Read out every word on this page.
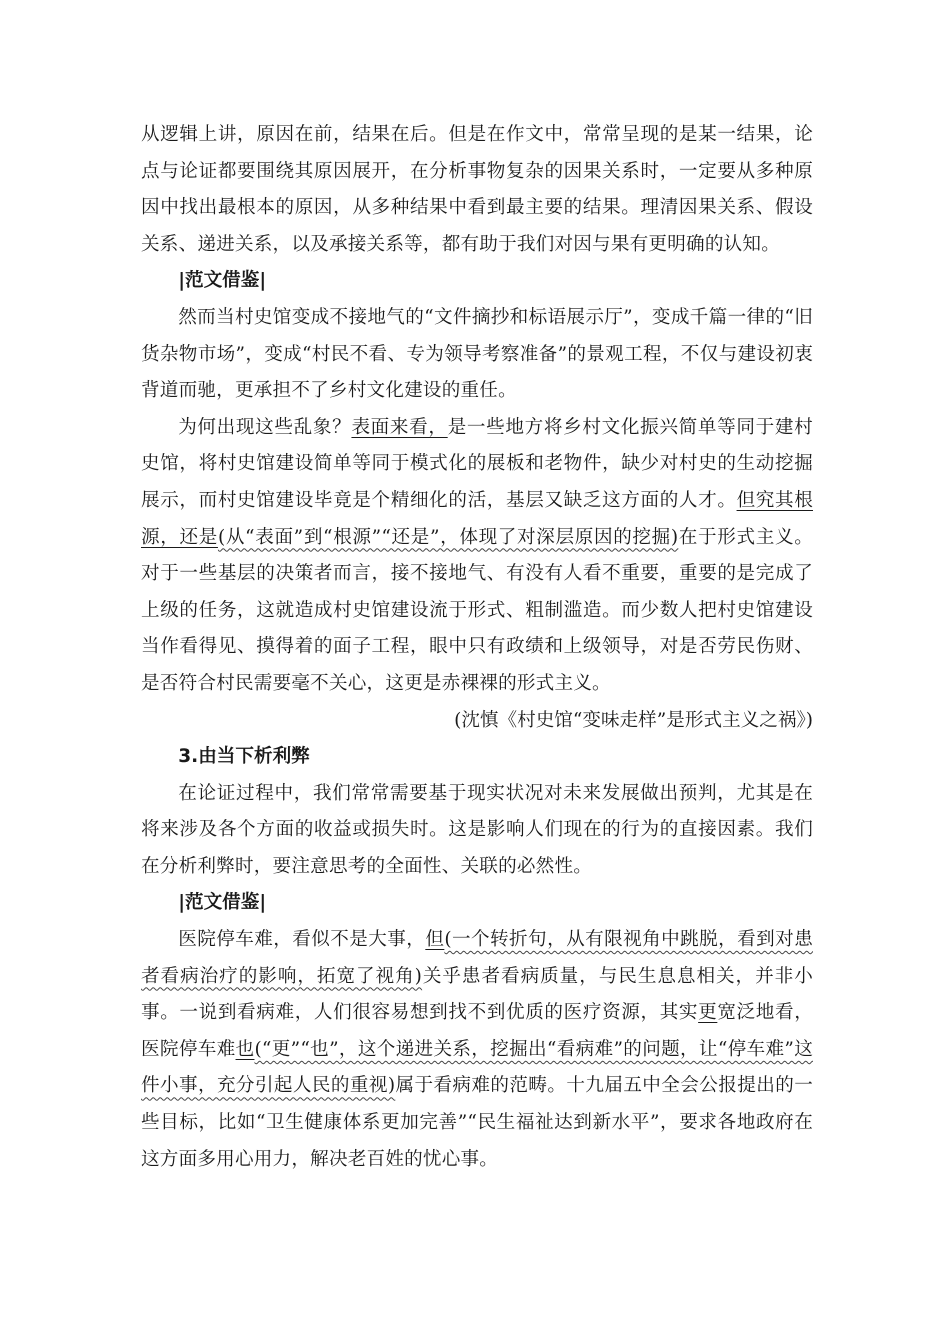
从逻辑上讲，原因在前，结果在后。但是在作文中，常常呈现的是某一结果，论点与论证都要围绕其原因展开，在分析事物复杂的因果关系时，一定要从多种原因中找出最根本的原因，从多种结果中看到最主要的结果。理清因果关系、假设关系、递进关系，以及承接关系等，都有助于我们对因与果有更明确的认知。

|范文借鉴|

然而当村史馆变成不接地气的“文件摘抄和标语展示厅”，变成千篇一律的“旧货杂物市场”，变成“村民不看、专为领导考察准备”的景观工程，不仅与建设初衷背道而驰，更承担不了乡村文化建设的重任。

为何出现这些乱象？表面来看，是一些地方将乡村文化振兴简单等同于建村史馆，将村史馆建设简单等同于模式化的展板和老物件，缺少对村史的生动挖掘展示，而村史馆建设毕竟是个精细化的活，基层又缺乏这方面的人才。但究其根源，还是(从“表面”到“根源”“还是”，体现了对深层原因的挖掘)在于形式主义。对于一些基层的决策者而言，接不接地气、有没有人看不重要，重要的是完成了上级的任务，这就造成村史馆建设流于形式、粗制滥造。而少数人把村史馆建设当作看得见、摸得着的面子工程，眼中只有政绩和上级领导，对是否劳民伤财、是否符合村民需要毫不关心，这更是赤裸裸的形式主义。

(沈慎《村史馆“变味走样”是形式主义之祸》)

3.由当下析利弊

在论证过程中，我们常常需要基于现实状况对未来发展做出预判，尤其是在将来涉及各个方面的收益或损失时。这是影响人们现在的行为的直接因素。我们在分析利弊时，要注意思考的全面性、关联的必然性。

|范文借鉴|

医院停车难，看似不是大事，但(一个转折句，从有限视角中跳脱，看到对患者看病治疗的影响，拓宽了视角)关乎患者看病质量，与民生息息相关，并非小事。一说到看病难，人们很容易想到找不到优质的医疗资源，其实更宽泛地看，医院停车难也(“更”“也”，这个递进关系，挖掘出“看病难”的问题，让“停车难”这件小事，充分引起人民的重视)属于看病难的范畴。十九届五中全会公报提出的一些目标，比如“卫生健康体系更加完善”“民生福祉达到新水平”，要求各地政府在这方面多用心用力，解决老百姓的忧心事。
